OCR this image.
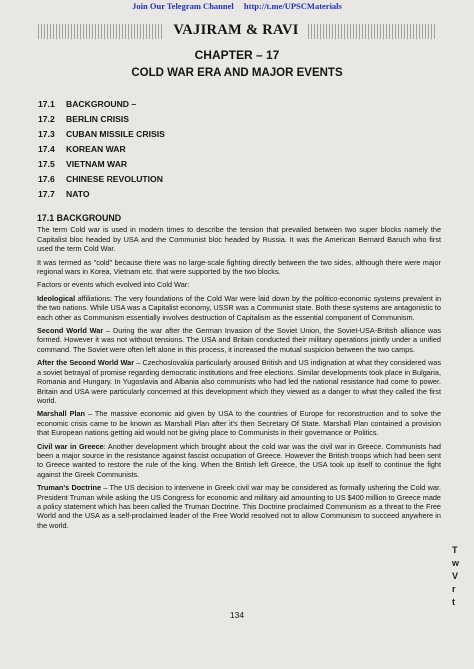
Join Our Telegram Channel http://t.me/UPSCMaterials
VAJIRAM & RAVI
CHAPTER – 17
COLD WAR ERA AND MAJOR EVENTS
17.1 BACKGROUND –
17.2 BERLIN CRISIS
17.3 CUBAN MISSILE CRISIS
17.4 KOREAN WAR
17.5 VIETNAM WAR
17.6 CHINESE REVOLUTION
17.7 NATO
17.1 BACKGROUND

The term Cold war is used in modern times to describe the tension that prevailed between two super blocks namely the Capitalist bloc headed by USA and the Communist bloc headed by Russia. It was the American Bernard Baruch who first used the term Cold War.

It was termed as "cold" because there was no large-scale fighting directly between the two sides, although there were major regional wars in Korea, Vietnam etc. that were supported by the two blocks.

Factors or events which evolved into Cold War:

Ideological affiliations: The very foundations of the Cold War were laid down by the politico-economic systems prevalent in the two nations. While USA was a Capitalist economy, USSR was a Communist state. Both these systems are antagonistic to each other as Communism essentially involves destruction of Capitalism as the essential component of Communism.

Second World War – During the war after the German Invasion of the Soviet Union, the Soviet-USA-British alliance was formed. However it was not without tensions. The USA and Britain conducted their military operations jointly under a unified command. The Soviet were often left alone in this process, it increased the mutual suspicion between the two camps.

After the Second World War – Czechoslovakia particularly aroused British and US indignation at what they considered was a soviet betrayal of promise regarding democratic institutions and free elections. Similar developments took place in Bulgaria, Romania and Hungary. In Yugoslavia and Albania also communists who had led the national resistance had come to power. Britain and USA were particularly concerned at this development which they viewed as a danger to what they called the first world.

Marshall Plan – The massive economic aid given by USA to the countries of Europe for reconstruction and to solve the economic crisis came to be known as Marshall Plan after it's then Secretary Of State. Marshall Plan contained a provision that European nations getting aid would not be giving place to Communists in their governance or Politics.

Civil war in Greece: Another development which brought about the cold war was the civil war in Greece. Communists had been a major source in the resistance against fascist occupation of Greece. However the British troops which had been sent to Greece wanted to restore the rule of the king. When the British left Greece, the USA took up itself to continue the fight against the Greek Communists.

Truman's Doctrine – The US decision to intervene in Greek civil war may be considered as formally ushering the Cold war. President Truman while asking the US Congress for economic and military aid amounting to US $400 million to Greece made a policy statement which has been called the Truman Doctrine. This Doctrine proclaimed Communism as a threat to the Free World and the USA as a self-proclaimed leader of the Free World resolved not to allow Communism to succeed anywhere in the world.

134
T
w
V
r
t
